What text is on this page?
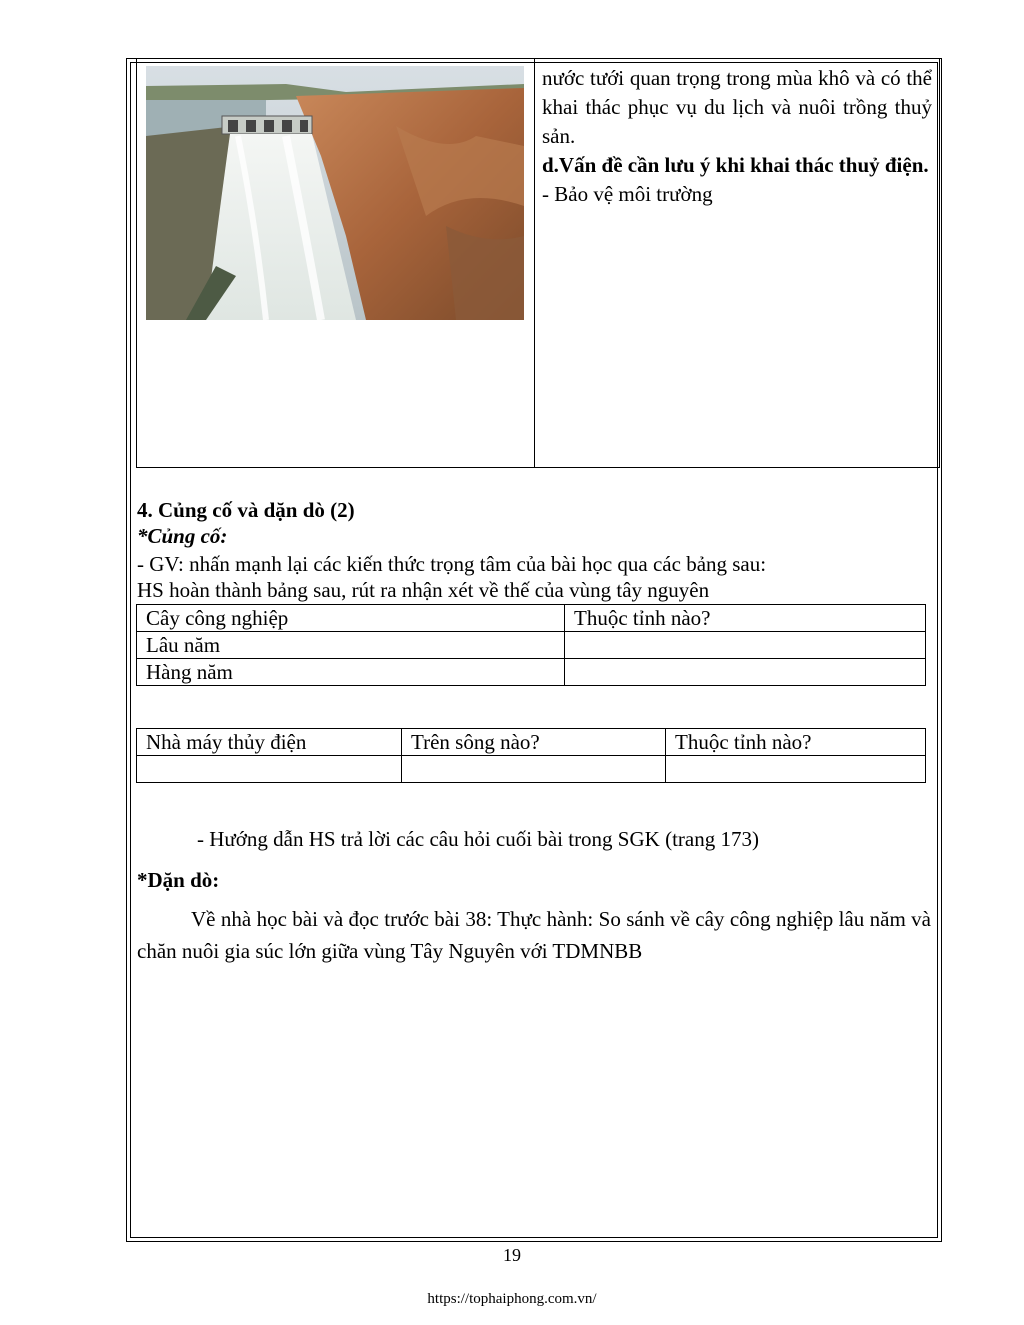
nước tưới quan trọng trong mùa khô và có thể khai thác phục vụ du lịch và nuôi trồng thuỷ sản.

d.Vấn đề cần lưu ý khi khai thác thuỷ điện.

- Bảo vệ môi trường

4. Củng cố và dặn dò (2)
*Củng cố:
- GV: nhấn mạnh lại các kiến thức trọng tâm của bài học qua các bảng sau:
HS hoàn thành bảng sau, rút ra nhận xét về thế của vùng tây nguyên
Cây công nghiệp	Thuộc tỉnh nào?
Lâu năm	
Hàng năm	
Nhà máy thủy điện	Trên sông nào?	Thuộc tỉnh nào?

- Hướng dẫn HS trả lời các câu hỏi cuối bài trong SGK (trang 173)
*Dặn dò:
Về nhà học bài và đọc trước bài 38: Thực hành: So sánh về cây công nghiệp lâu năm và chăn nuôi gia súc lớn giữa vùng Tây Nguyên với TDMNBB
19
https://tophaiphong.com.vn/
